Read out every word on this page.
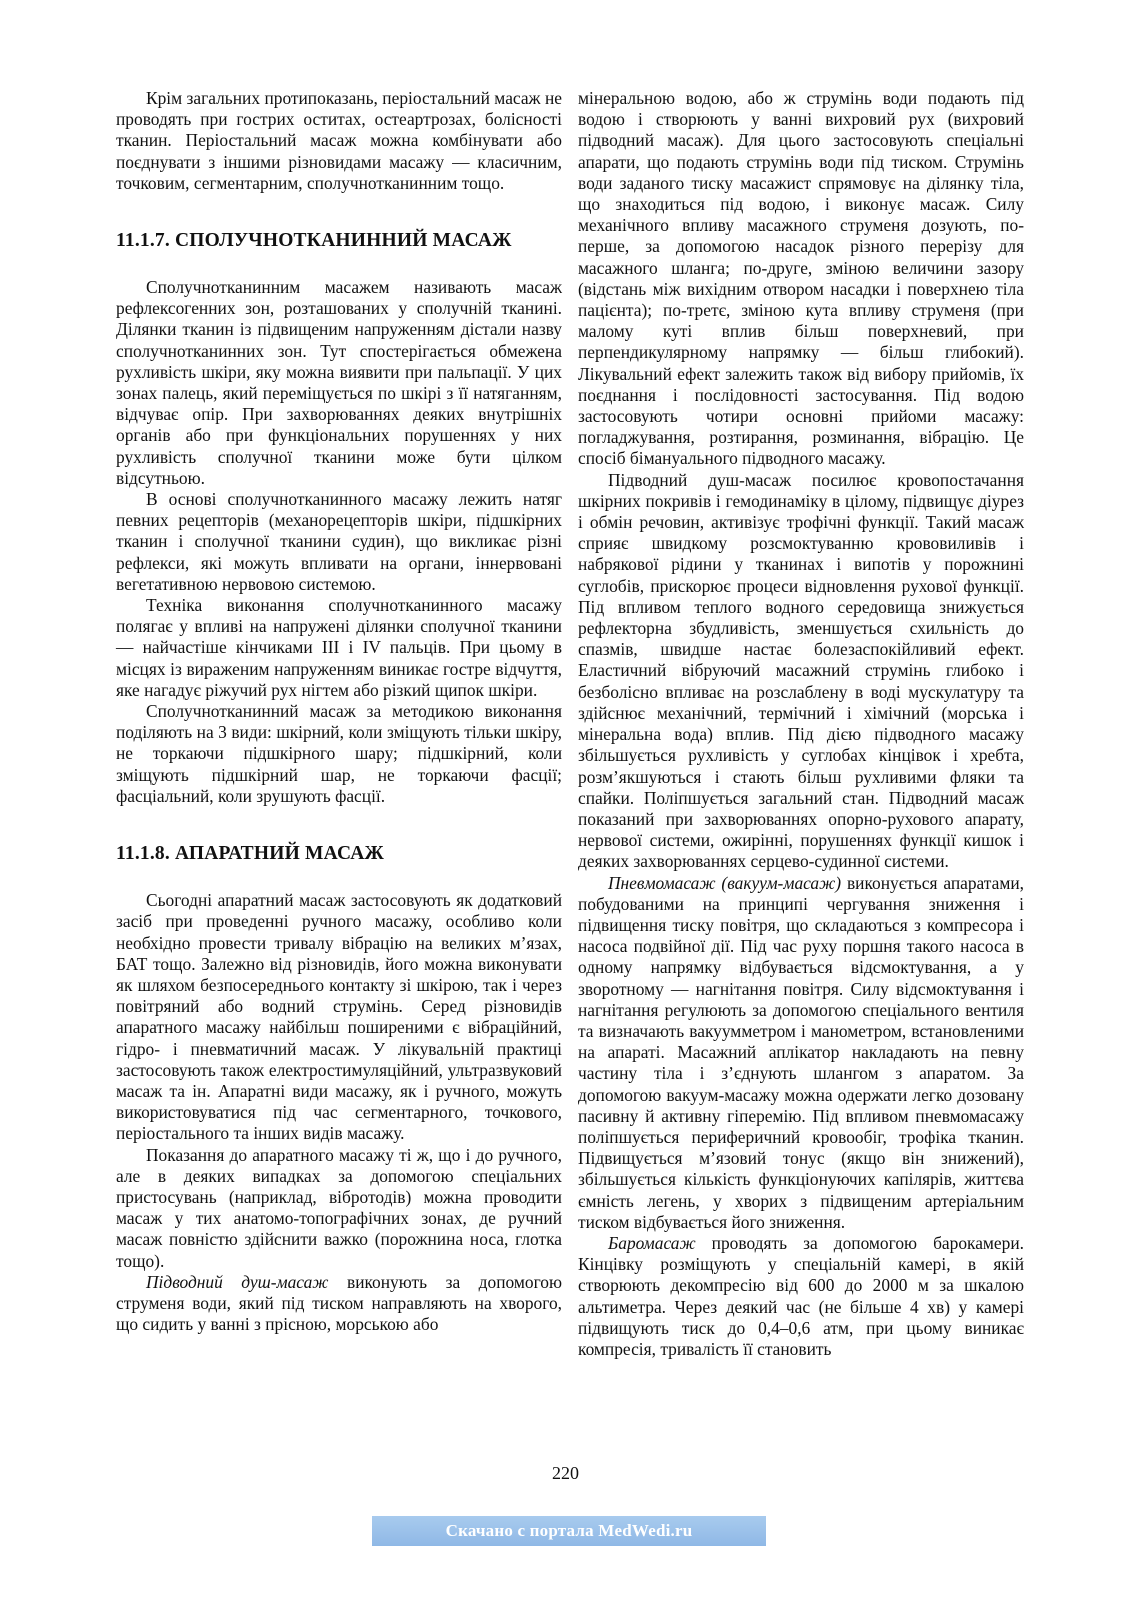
Крім загальних протипоказань, періостальний масаж не проводять при гострих оститах, остеартрозах, болісності тканин. Періостальний масаж можна комбінувати або поєднувати з іншими різновидами масажу — класичним, точковим, сегментарним, сполучнотканинним тощо.

11.1.7. СПОЛУЧНОТКАНИННИЙ МАСАЖ

Сполучнотканинним масажем називають масаж рефлексогенних зон, розташованих у сполучній тканині. Ділянки тканин із підвищеним напруженням дістали назву сполучнотканинних зон. Тут спостерігається обмежена рухливість шкіри, яку можна виявити при пальпації. У цих зонах палець, який переміщується по шкірі з її натяганням, відчуває опір. При захворюваннях деяких внутрішніх органів або при функціональних порушеннях у них рухливість сполучної тканини може бути цілком відсутньою.

В основі сполучнотканинного масажу лежить натяг певних рецепторів (механорецепторів шкіри, підшкірних тканин і сполучної тканини судин), що викликає різні рефлекси, які можуть впливати на органи, іннервовані вегетативною нервовою системою.

Техніка виконання сполучнотканинного масажу полягає у впливі на напружені ділянки сполучної тканини — найчастіше кінчиками III і IV пальців. При цьому в місцях із вираженим напруженням виникає гостре відчуття, яке нагадує ріжучий рух нігтем або різкий щипок шкіри.

Сполучнотканинний масаж за методикою виконання поділяють на 3 види: шкірний, коли зміщують тільки шкіру, не торкаючи підшкірного шару; підшкірний, коли зміщують підшкірний шар, не торкаючи фасції; фасціальний, коли зрушують фасції.

11.1.8. АПАРАТНИЙ МАСАЖ

Сьогодні апаратний масаж застосовують як додатковий засіб при проведенні ручного масажу, особливо коли необхідно провести тривалу вібрацію на великих м’язах, БАТ тощо. Залежно від різновидів, його можна виконувати як шляхом безпосереднього контакту зі шкірою, так і через повітряний або водний струмінь. Серед різновидів апаратного масажу найбільш поширеними є вібраційний, гідро- і пневматичний масаж. У лікувальній практиці застосовують також електростимуляційний, ультразвуковий масаж та ін. Апаратні види масажу, як і ручного, можуть використовуватися під час сегментарного, точкового, періостального та інших видів масажу.

Показання до апаратного масажу ті ж, що і до ручного, але в деяких випадках за допомогою спеціальних пристосувань (наприклад, вібротодів) можна проводити масаж у тих анатомо-топографічних зонах, де ручний масаж повністю здійснити важко (порожнина носа, глотка тощо).

Підводний душ-масаж виконують за допомогою струменя води, який під тиском направляють на хворого, що сидить у ванні з прісною, морською або

мінеральною водою, або ж струмінь води подають під водою і створюють у ванні вихровий рух (вихровий підводний масаж). Для цього застосовують спеціальні апарати, що подають струмінь води під тиском. Струмінь води заданого тиску масажист спрямовує на ділянку тіла, що знаходиться під водою, і виконує масаж. Силу механічного впливу масажного струменя дозують, по-перше, за допомогою насадок різного перерізу для масажного шланга; по-друге, зміною величини зазору (відстань між вихідним отвором насадки і поверхнею тіла пацієнта); по-третє, зміною кута впливу струменя (при малому куті вплив більш поверхневий, при перпендикулярному напрямку — більш глибокий). Лікувальний ефект залежить також від вибору прийомів, їх поєднання і послідовності застосування. Під водою застосовують чотири основні прийоми масажу: погладжування, розтирання, розминання, вібрацію. Це спосіб бімануального підводного масажу.

Підводний душ-масаж посилює кровопостачання шкірних покривів і гемодинаміку в цілому, підвищує діурез і обмін речовин, активізує трофічні функції. Такий масаж сприяє швидкому розсмоктуванню крововиливів і набрякової рідини у тканинах і випотів у порожнині суглобів, прискорює процеси відновлення рухової функції. Під впливом теплого водного середовища знижується рефлекторна збудливість, зменшується схильність до спазмів, швидше настає болезаспокійливий ефект. Еластичний вібруючий масажний струмінь глибоко і безболісно впливає на розслаблену в воді мускулатуру та здійснює механічний, термічний і хімічний (морська і мінеральна вода) вплив. Під дією підводного масажу збільшується рухливість у суглобах кінцівок і хребта, розм’якшуються і стають більш рухливими фляки та спайки. Поліпшується загальний стан. Підводний масаж показаний при захворюваннях опорно-рухового апарату, нервової системи, ожирінні, порушеннях функції кишок і деяких захворюваннях серцево-судинної системи.

Пневмомасаж (вакуум-масаж) виконується апаратами, побудованими на принципі чергування зниження і підвищення тиску повітря, що складаються з компресора і насоса подвійної дії. Під час руху поршня такого насоса в одному напрямку відбувається відсмоктування, а у зворотному — нагнітання повітря. Силу відсмоктування і нагнітання регулюють за допомогою спеціального вентиля та визначають вакуумметром і манометром, встановленими на апараті. Масажний аплікатор накладають на певну частину тіла і з’єднують шлангом з апаратом. За допомогою вакуум-масажу можна одержати легко дозовану пасивну й активну гіперемію. Під впливом пневмомасажу поліпшується периферичний кровообіг, трофіка тканин. Підвищується м’язовий тонус (якщо він знижений), збільшується кількість функціонуючих капілярів, життєва ємність легень, у хворих з підвищеним артеріальним тиском відбувається його зниження.

Баромасаж проводять за допомогою барокамери. Кінцівку розміщують у спеціальній камері, в якій створюють декомпресію від 600 до 2000 м за шкалою альтиметра. Через деякий час (не більше 4 хв) у камері підвищують тиск до 0,4–0,6 атм, при цьому виникає компресія, тривалість її становить

220
Скачано с портала MedWedi.ru
